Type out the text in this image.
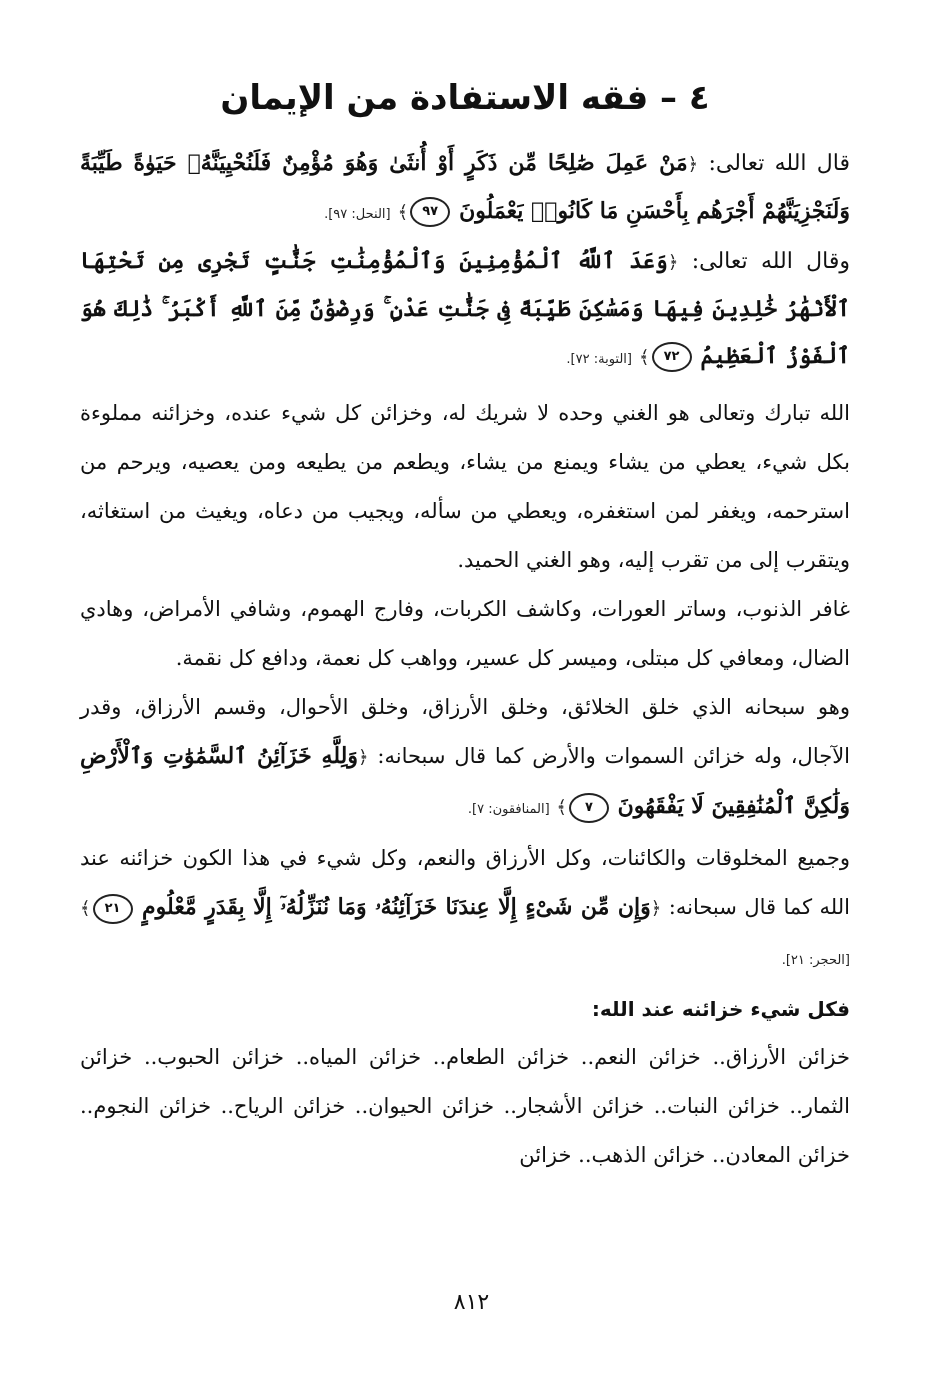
٤ – فقه الاستفادة من الإيمان

قال الله تعالى: ﴿مَنْ عَمِلَ صَٰلِحًا مِّن ذَكَرٍ أَوْ أُنثَىٰ وَهُوَ مُؤْمِنٌ فَلَنُحْيِيَنَّهُۥ حَيَوٰةً طَيِّبَةً وَلَنَجْزِيَنَّهُمْ أَجْرَهُم بِأَحْسَنِ مَا كَانُوا۟ يَعْمَلُونَ ٩٧﴾ [النحل: ٩٧].

وقال الله تعالى: ﴿وَعَدَ ٱللَّهُ ٱلْمُؤْمِنِينَ وَٱلْمُؤْمِنَٰتِ جَنَّٰتٍ تَجْرِى مِن تَحْتِهَا ٱلْأَنْهَٰرُ خَٰلِدِينَ فِيهَا وَمَسَٰكِنَ طَيِّبَةً فِى جَنَّٰتِ عَدْنٍ ۚ وَرِضْوَٰنٌ مِّنَ ٱللَّهِ أَكْبَرُ ۚ ذَٰلِكَ هُوَ ٱلْفَوْزُ ٱلْعَظِيمُ ٧٢﴾ [التوبة: ٧٢].

الله تبارك وتعالى هو الغني وحده لا شريك له، وخزائن كل شيء عنده، وخزائنه مملوءة بكل شيء، يعطي من يشاء ويمنع من يشاء، ويطعم من يطيعه ومن يعصيه، ويرحم من استرحمه، ويغفر لمن استغفره، ويعطي من سأله، ويجيب من دعاه، ويغيث من استغاثه، ويتقرب إلى من تقرب إليه، وهو الغني الحميد.

غافر الذنوب، وساتر العورات، وكاشف الكربات، وفارج الهموم، وشافي الأمراض، وهادي الضال، ومعافي كل مبتلى، وميسر كل عسير، وواهب كل نعمة، ودافع كل نقمة.

وهو سبحانه الذي خلق الخلائق، وخلق الأرزاق، وخلق الأحوال، وقسم الأرزاق، وقدر الآجال، وله خزائن السموات والأرض كما قال سبحانه: ﴿وَلِلَّهِ خَزَآئِنُ ٱلسَّمَٰوَٰتِ وَٱلْأَرْضِ وَلَٰكِنَّ ٱلْمُنَٰفِقِينَ لَا يَفْقَهُونَ ٧﴾ [المنافقون: ٧].

وجميع المخلوقات والكائنات، وكل الأرزاق والنعم، وكل شيء في هذا الكون خزائنه عند الله كما قال سبحانه: ﴿وَإِن مِّن شَىْءٍ إِلَّا عِندَنَا خَزَآئِنُهُۥ وَمَا نُنَزِّلُهُۥٓ إِلَّا بِقَدَرٍ مَّعْلُومٍ ٢١﴾ [الحجر: ٢١].

فكل شيء خزائنه عند الله:

خزائن الأرزاق.. خزائن النعم.. خزائن الطعام.. خزائن المياه.. خزائن الحبوب.. خزائن الثمار.. خزائن النبات.. خزائن الأشجار.. خزائن الحيوان.. خزائن الرياح.. خزائن النجوم.. خزائن المعادن.. خزائن الذهب.. خزائن

٨١٢
